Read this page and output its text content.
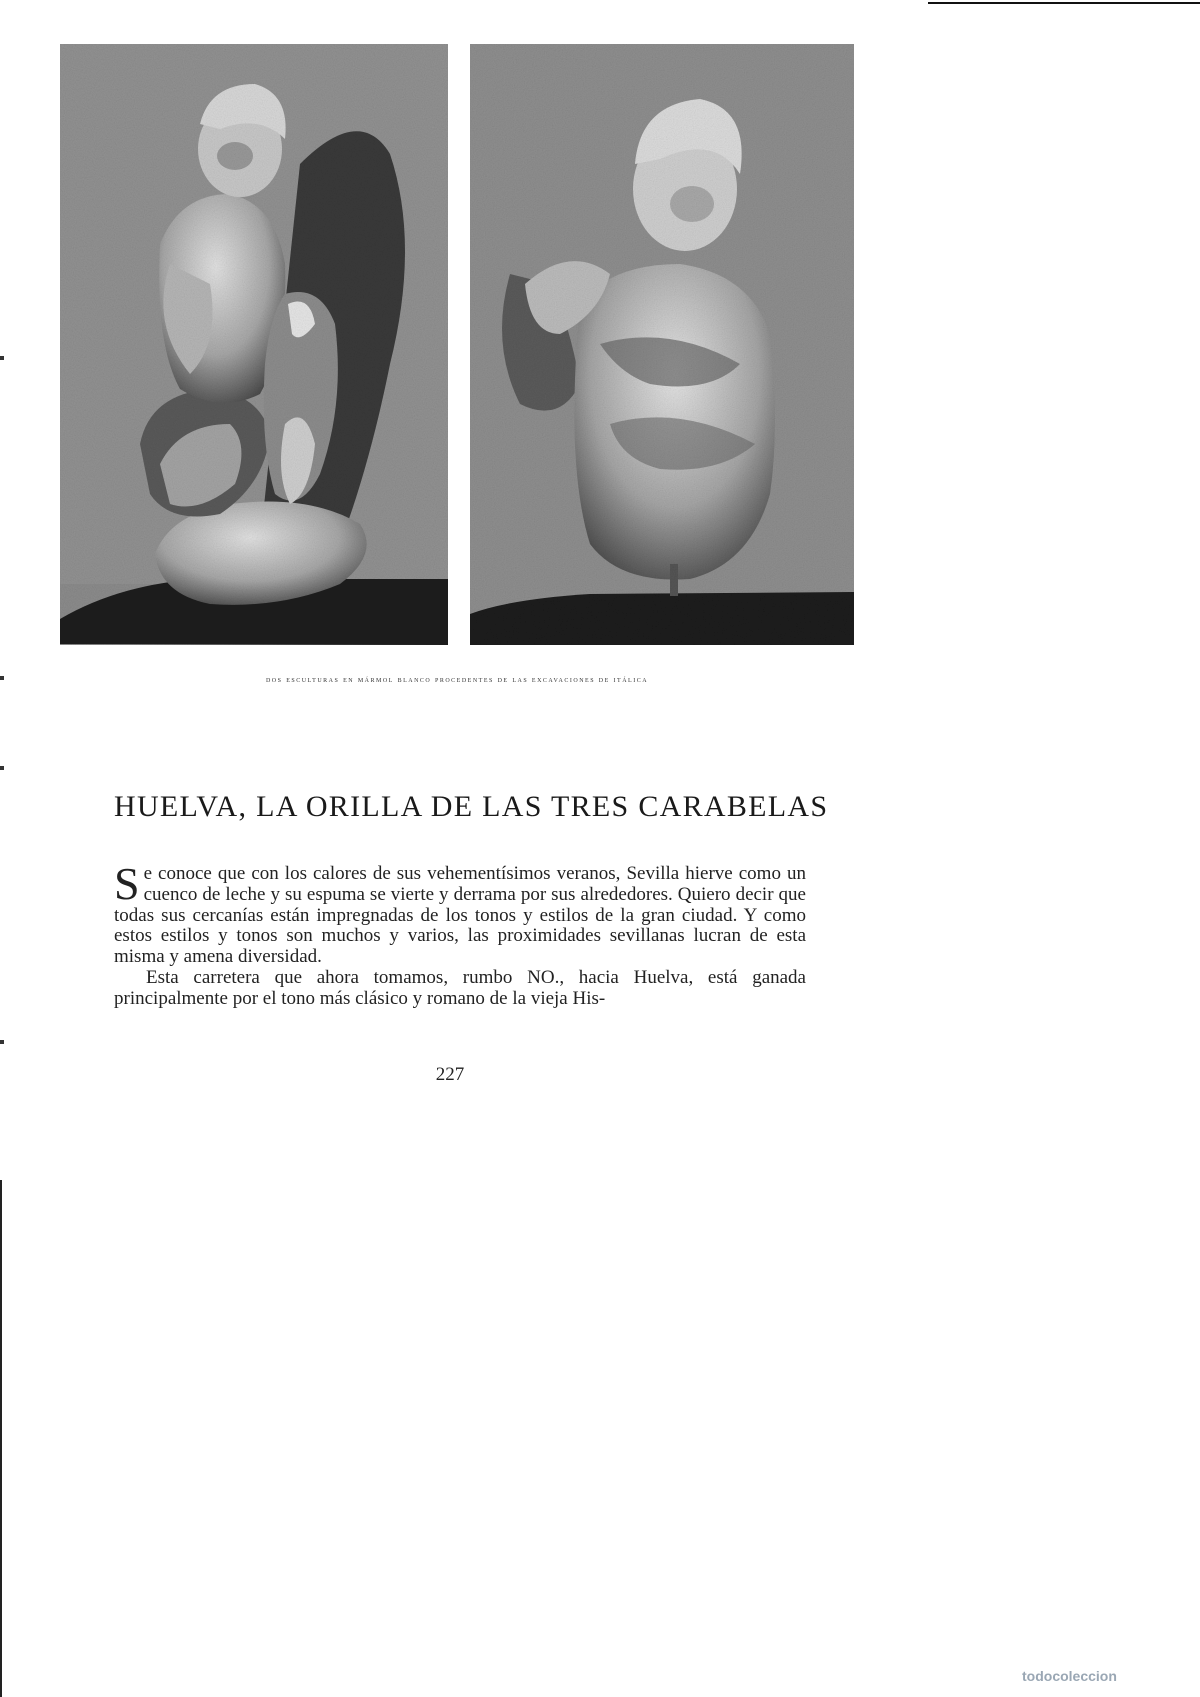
dos esculturas en mármol blanco procedentes de las excavaciones de itálica
HUELVA, LA ORILLA DE LAS TRES CARABELAS

Se conoce que con los calores de sus vehementísimos veranos, Sevilla hierve como un cuenco de leche y su espuma se vierte y derrama por sus alrededores. Quiero decir que todas sus cercanías están impregnadas de los tonos y estilos de la gran ciudad. Y como estos estilos y tonos son muchos y varios, las proximidades sevillanas lucran de esta misma y amena diversidad.

Esta carretera que ahora tomamos, rumbo NO., hacia Huelva, está ganada principalmente por el tono más clásico y romano de la vieja His-

227
todocoleccion
